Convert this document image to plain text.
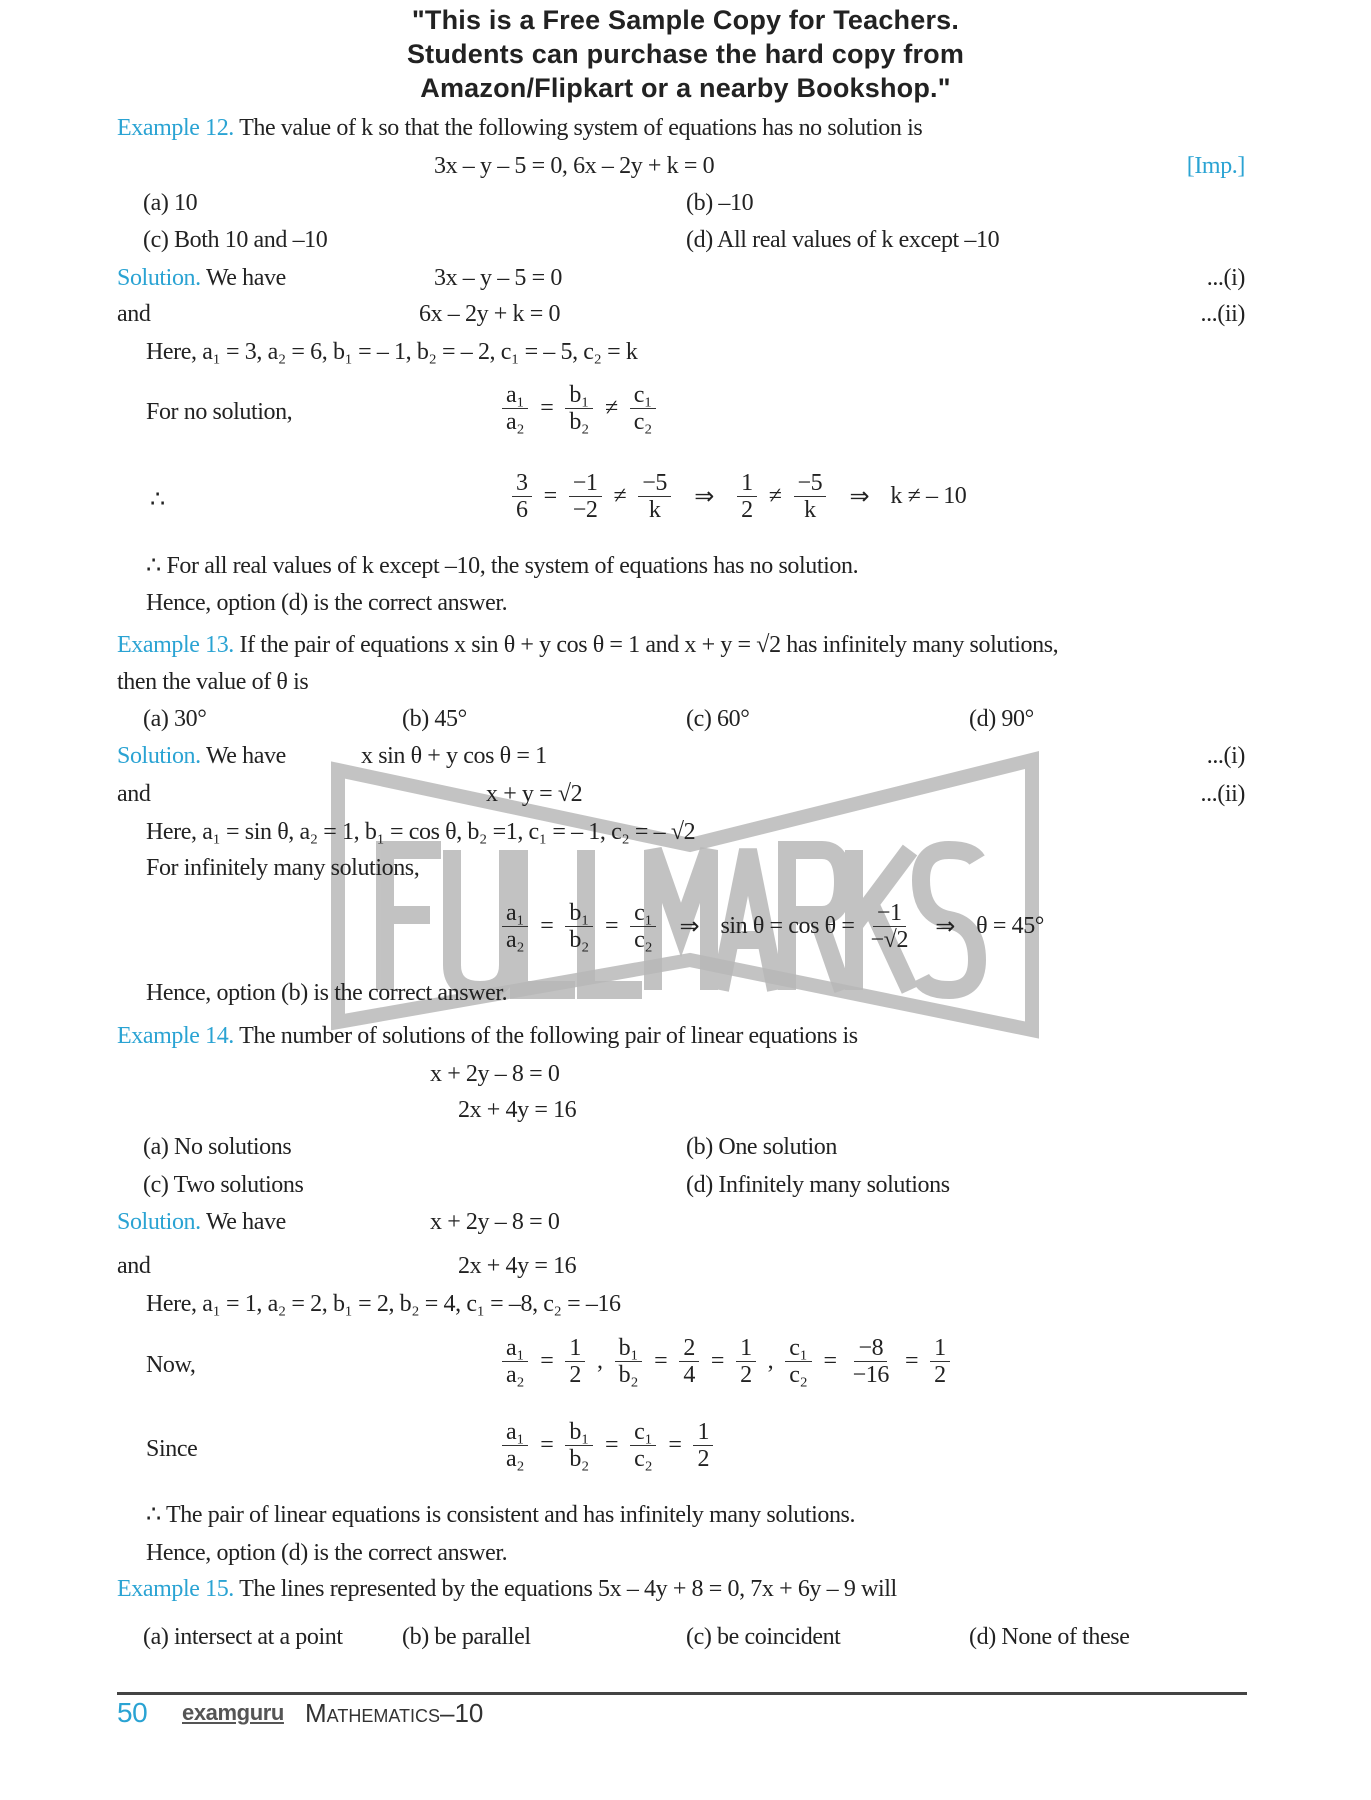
"This is a Free Sample Copy for Teachers.
Students can purchase the hard copy from
Amazon/Flipkart or a nearby Bookshop."
Example 12. The value of k so that the following system of equations has no solution is
3x – y – 5 = 0, 6x – 2y + k = 0	[Imp.]
(a) 10	(b) –10
(c) Both 10 and –10	(d) All real values of k except –10
Solution. We have	3x – y – 5 = 0	...(i)
and	6x – 2y + k = 0	...(ii)
Here, a₁ = 3, a₂ = 6, b₁ = – 1, b₂ = – 2, c₁ = – 5, c₂ = k
For no solution,	$\frac{\text{a₁}}{\text{a₂}} = \frac{\text{b₁}}{\text{b₂}} \ne \frac{\text{c₁}}{\text{c₂}}$
∴	$\frac{3}{6} = \frac{-1}{-2} \ne \frac{-5}{k}$ ⇒ $\frac{1}{2} \ne \frac{-5}{k}$ ⇒ k ≠ – 10
∴ For all real values of k except –10, the system of equations has no solution.
Hence, option (d) is the correct answer.
Example 13. If the pair of equations x sin θ + y cos θ = 1 and x + y = √2 has infinitely many solutions,
then the value of θ is
(a) 30°	(b) 45°	(c) 60°	(d) 90°
Solution. We have	x sin θ + y cos θ = 1	...(i)
and	x + y = √2	...(ii)
Here, a₁ = sin θ, a₂ = 1, b₁ = cos θ, b₂ =1, c₁ = – 1, c₂ = – √2
For infinitely many solutions,
$\frac{\text{a₁}}{\text{a₂}} = \frac{\text{b₁}}{\text{b₂}} = \frac{\text{c₁}}{\text{c₂}}$ ⇒ $\sin \theta = \cos \theta = \frac{-1}{-√2}$ ⇒ θ = 45°
Hence, option (b) is the correct answer.
Example 14. The number of solutions of the following pair of linear equations is
x + 2y – 8 = 0
2x + 4y = 16
(a) No solutions	(b) One solution
(c) Two solutions	(d) Infinitely many solutions
Solution. We have	x + 2y – 8 = 0
and	2x + 4y = 16
Here, a₁ = 1, a₂ = 2, b₁ = 2, b₂ = 4, c₁ = –8, c₂ = –16
Now,	$\frac{\text{a₁}}{\text{a₂}} = \frac{1}{2}$ , $\frac{\text{b₁}}{\text{b₂}} = \frac{2}{4} = \frac{1}{2}$ , $\frac{\text{c₁}}{\text{c₂}} = \frac{-8}{-16} = \frac{1}{2}$
Since	$\frac{\text{a₁}}{\text{a₂}} = \frac{\text{b₁}}{\text{b₂}} = \frac{\text{c₁}}{\text{c₂}} = \frac{1}{2}$
∴ The pair of linear equations is consistent and has infinitely many solutions.
Hence, option (d) is the correct answer.
Example 15. The lines represented by the equations 5x – 4y + 8 = 0, 7x + 6y – 9 will
(a) intersect at a point (b) be parallel	(c) be coincident	(d) None of these
50 examguru Mathematics–10
